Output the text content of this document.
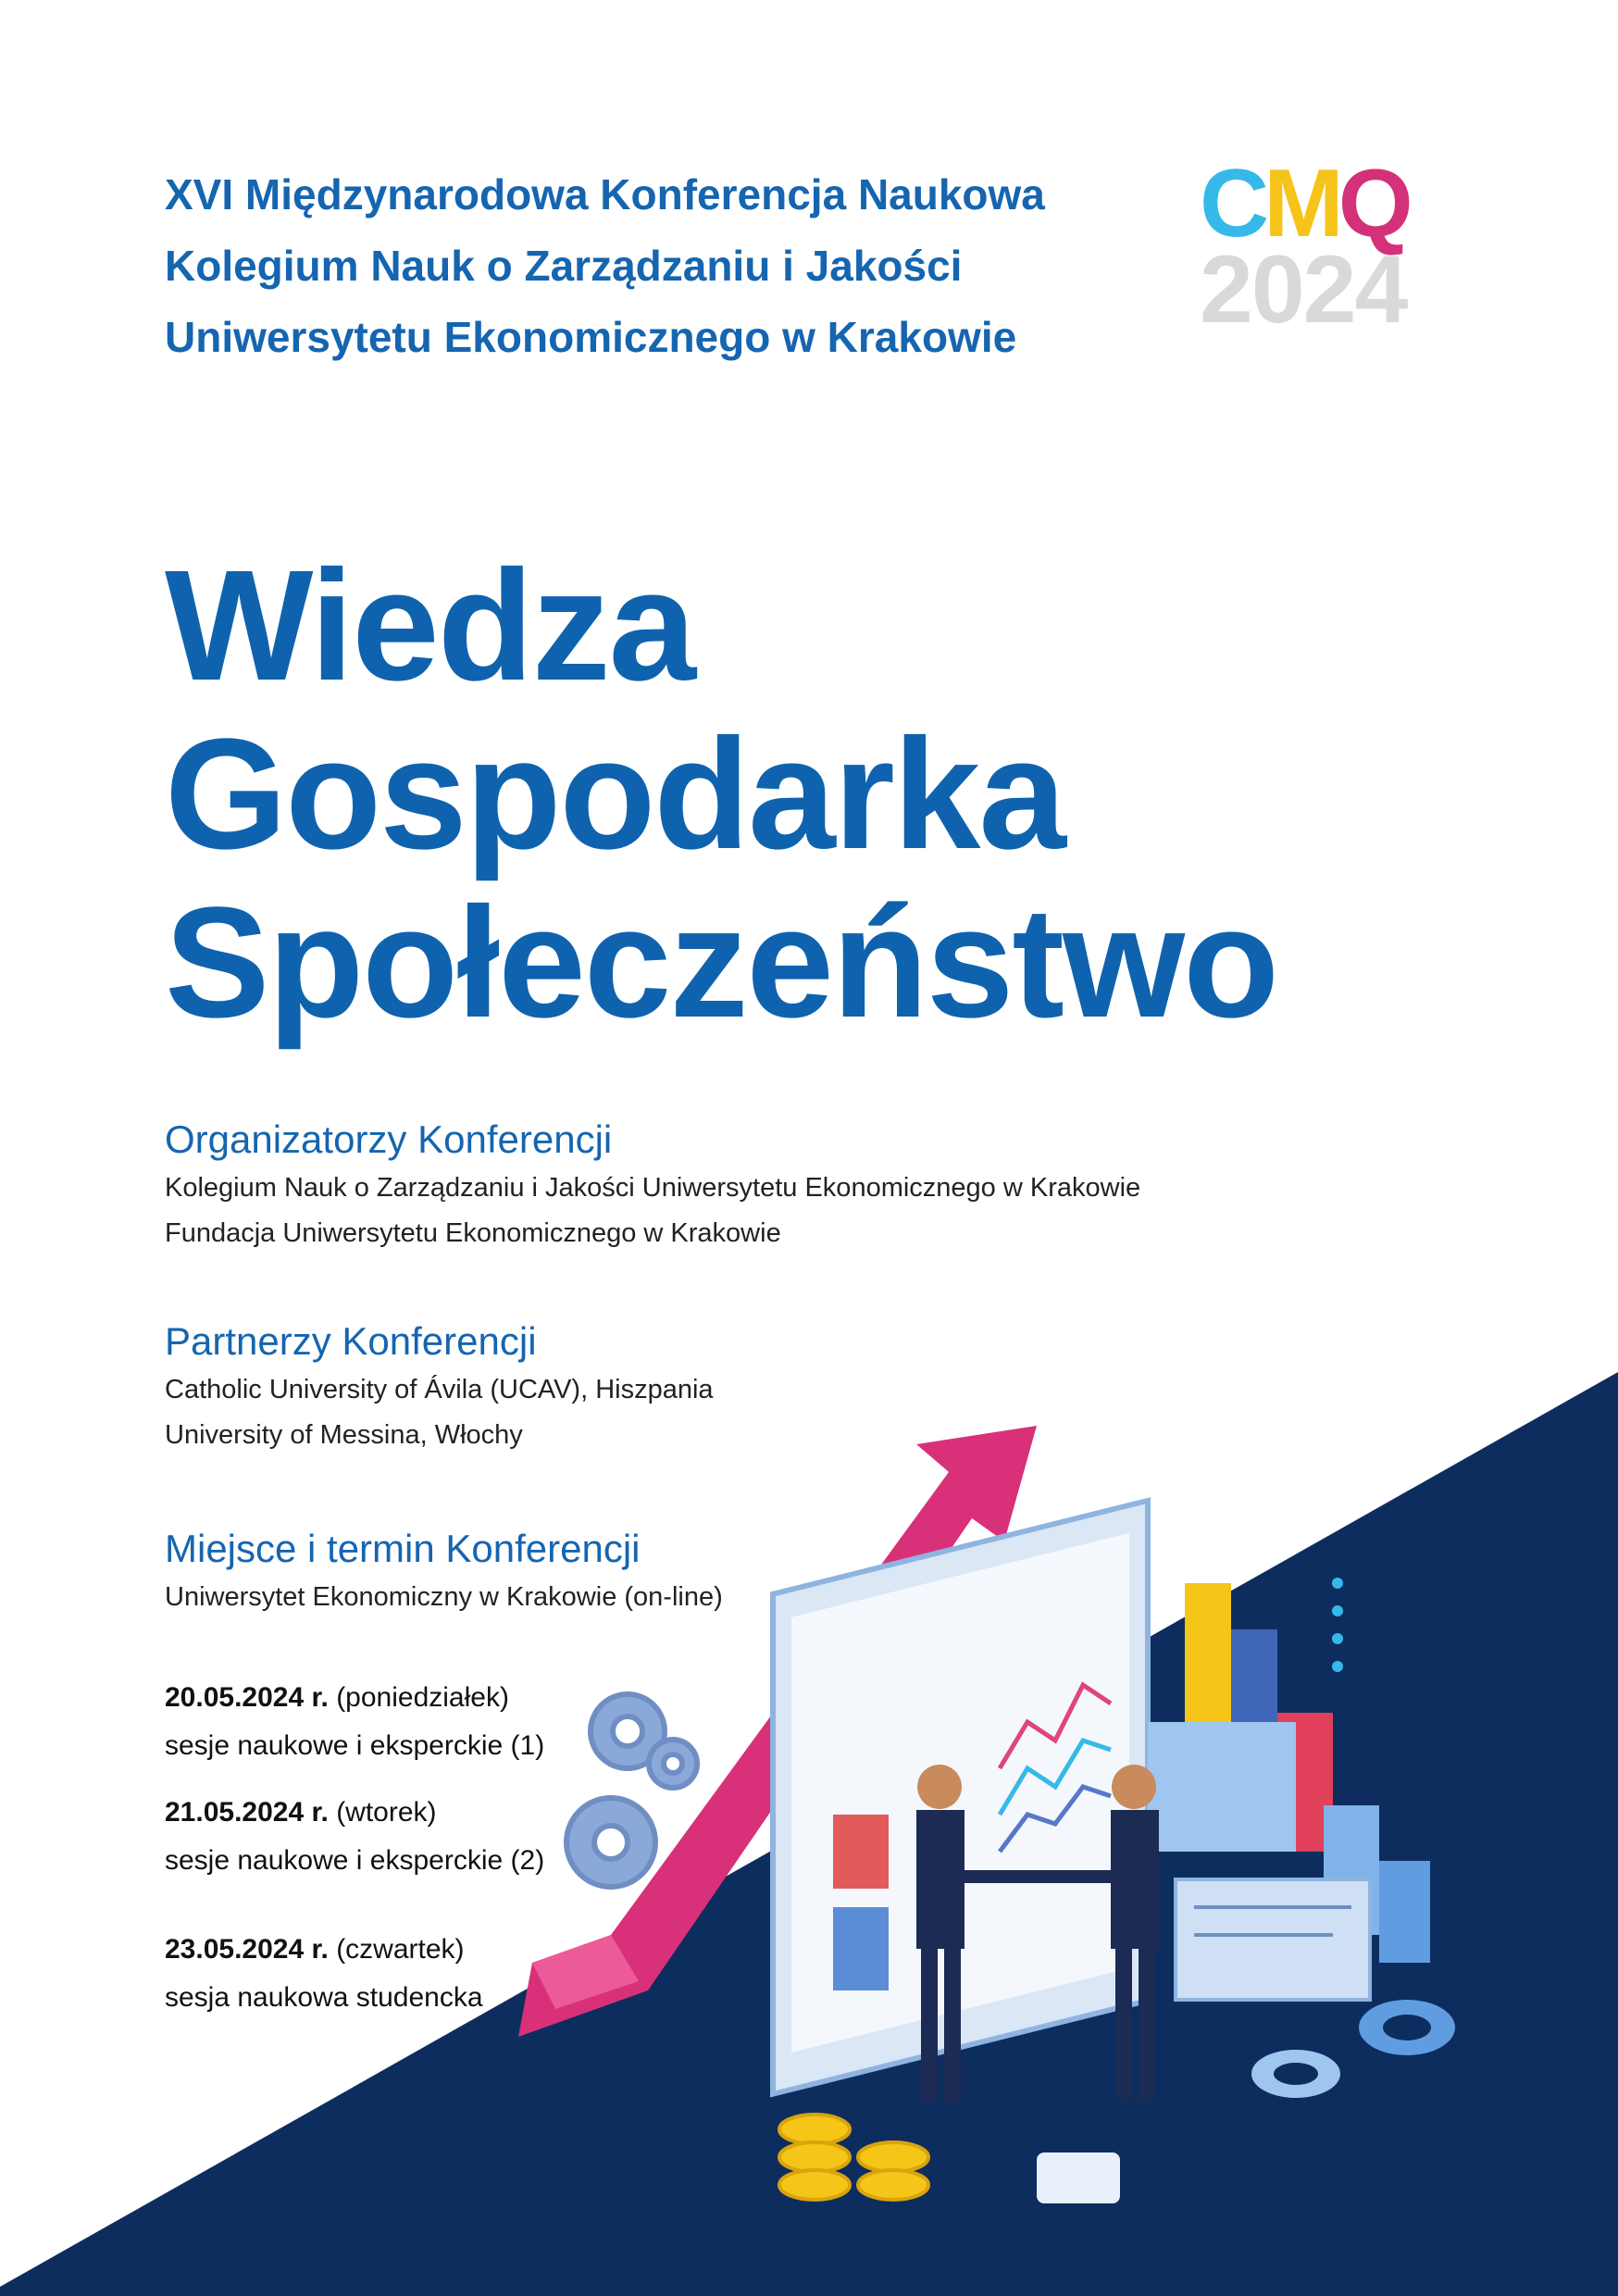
XVI Międzynarodowa Konferencja Naukowa
Kolegium Nauk o Zarządzaniu i Jakości
Uniwersytetu Ekonomicznego w Krakowie
CMQ
2024
Wiedza
Gospodarka
Społeczeństwo
Organizatorzy Konferencji
Kolegium Nauk o Zarządzaniu i Jakości Uniwersytetu Ekonomicznego w Krakowie
Fundacja Uniwersytetu Ekonomicznego w Krakowie
Partnerzy Konferencji
Catholic University of Ávila (UCAV), Hiszpania
University of Messina, Włochy
Miejsce i termin Konferencji
Uniwersytet Ekonomiczny w Krakowie (on-line)
20.05.2024 r. (poniedziałek)
sesje naukowe i eksperckie (1)
21.05.2024 r. (wtorek)
sesje naukowe i eksperckie (2)
23.05.2024 r. (czwartek)
sesja naukowa studencka
